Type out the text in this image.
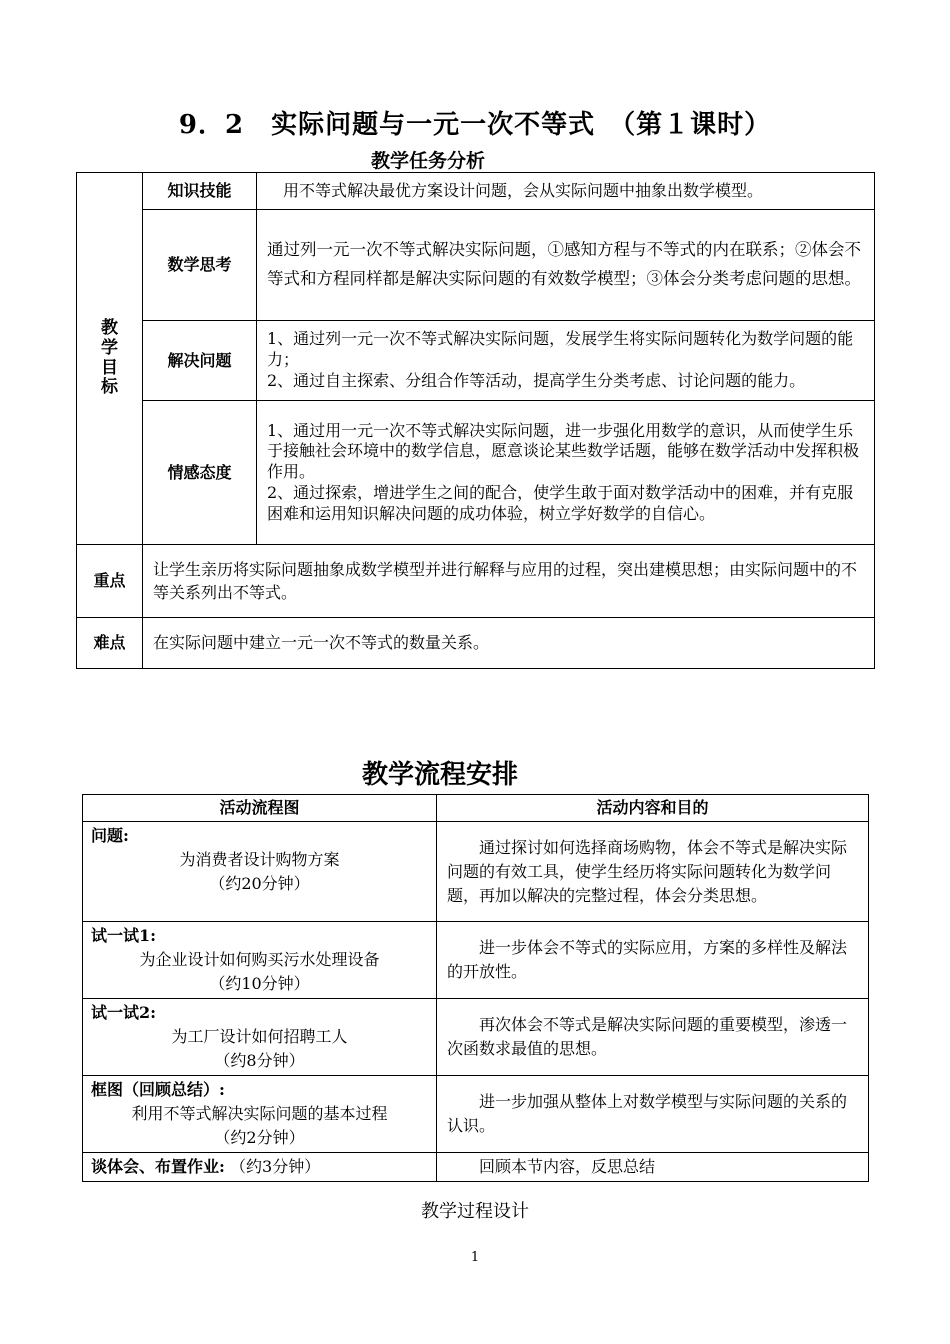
9．2　实际问题与一元一次不等式　（第１课时）
教学任务分析
教学目标	知识技能	　用不等式解决最优方案设计问题，会从实际问题中抽象出数学模型。
	数学思考	通过列一元一次不等式解决实际问题，①感知方程与不等式的内在联系；②体会不等式和方程同样都是解决实际问题的有效数学模型；③体会分类考虑问题的思想。
	解决问题	1、通过列一元一次不等式解决实际问题，发展学生将实际问题转化为数学问题的能力；
2、通过自主探索、分组合作等活动，提高学生分类考虑、讨论问题的能力。

	情感态度	1、通过用一元一次不等式解决实际问题，进一步强化用数学的意识，从而使学生乐于接触社会环境中的数学信息，愿意谈论某些数学话题，能够在数学活动中发挥积极作用。
2、通过探索，增进学生之间的配合，使学生敢于面对数学活动中的困难，并有克服困难和运用知识解决问题的成功体验，树立学好数学的自信心。

重点	让学生亲历将实际问题抽象成数学模型并进行解释与应用的过程，突出建模思想；由实际问题中的不等关系列出不等式。	
难点	在实际问题中建立一元一次不等式的数量关系。	
教学流程安排
活动流程图	活动内容和目的

问题:
为消费者设计购物方案
（约20分钟）	通过探讨如何选择商场购物，体会不等式是解决实际问题的有效工具，使学生经历将实际问题转化为数学问题，再加以解决的完整过程，体会分类思想。

试一试1:
为企业设计如何购买污水处理设备
（约10分钟）	进一步体会不等式的实际应用，方案的多样性及解法的开放性。

试一试2:
为工厂设计如何招聘工人
（约8分钟）	再次体会不等式是解决实际问题的重要模型，渗透一次函数求最值的思想。

框图（回顾总结）:
利用不等式解决实际问题的基本过程
（约2分钟）	进一步加强从整体上对数学模型与实际问题的关系的认识。
谈体会、布置作业: （约3分钟）	回顾本节内容，反思总结
教学过程设计
1
